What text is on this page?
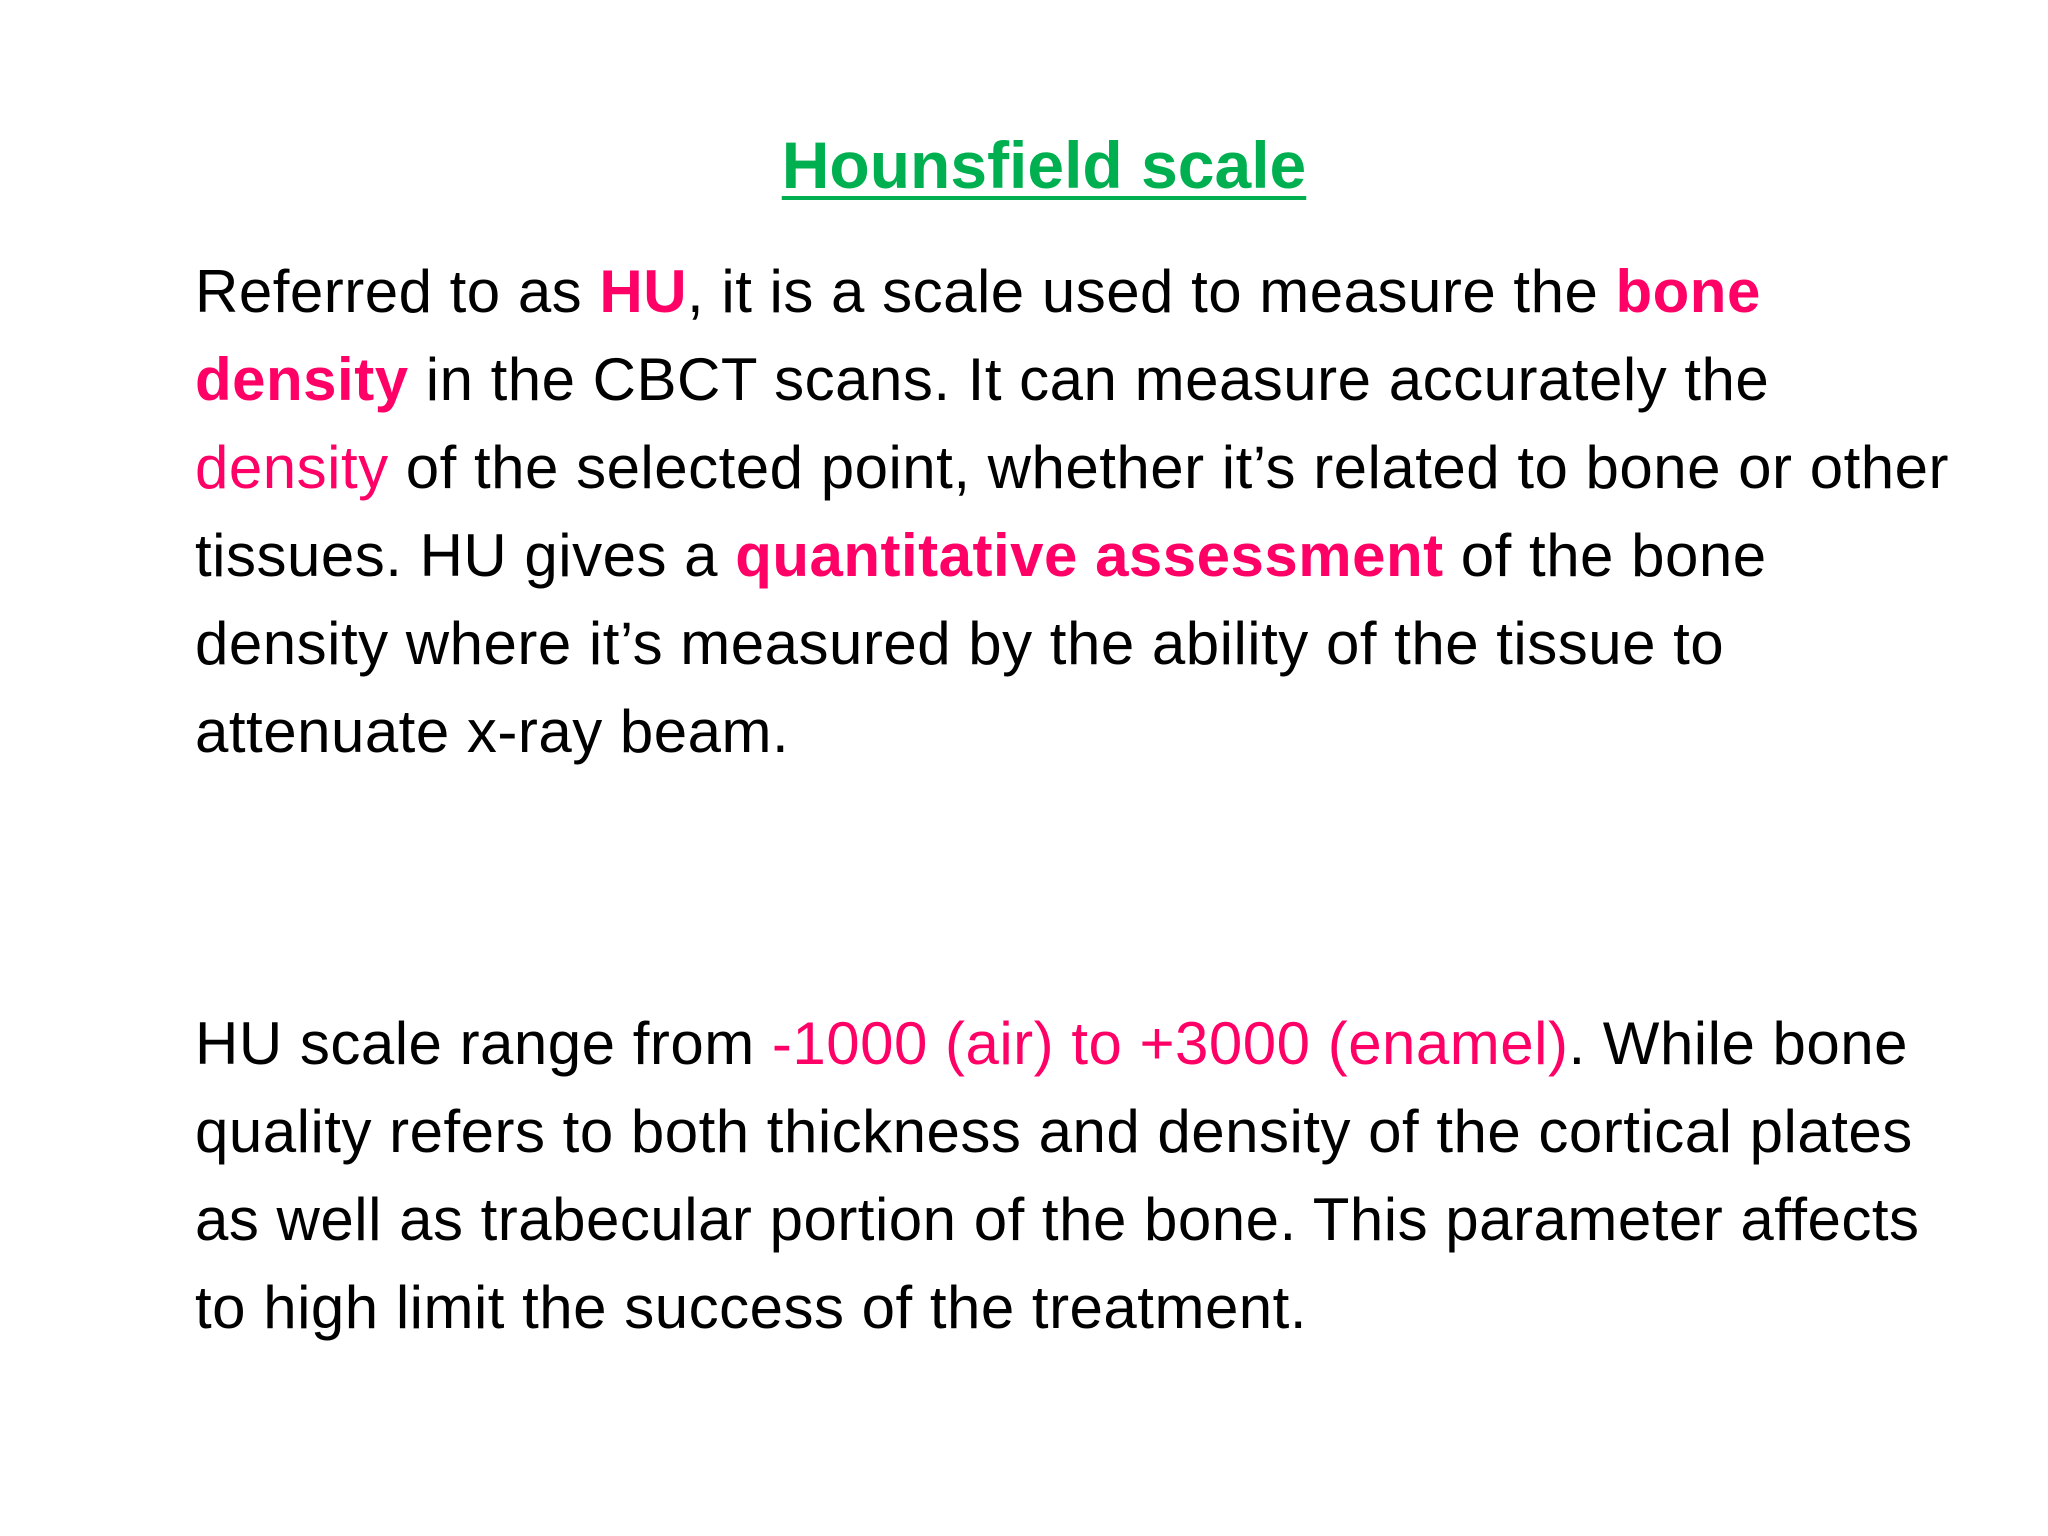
Hounsfield scale

Referred to as HU, it is a scale used to measure the bone density in the CBCT scans. It can measure accurately the density of the selected point, whether it’s related to bone or other tissues. HU gives a quantitative assessment of the bone density where it’s measured by the ability of the tissue to attenuate x-ray beam.

HU scale range from -1000 (air) to +3000 (enamel). While bone quality refers to both thickness and density of the cortical plates as well as trabecular portion of the bone. This parameter affects to high limit the success of the treatment.
